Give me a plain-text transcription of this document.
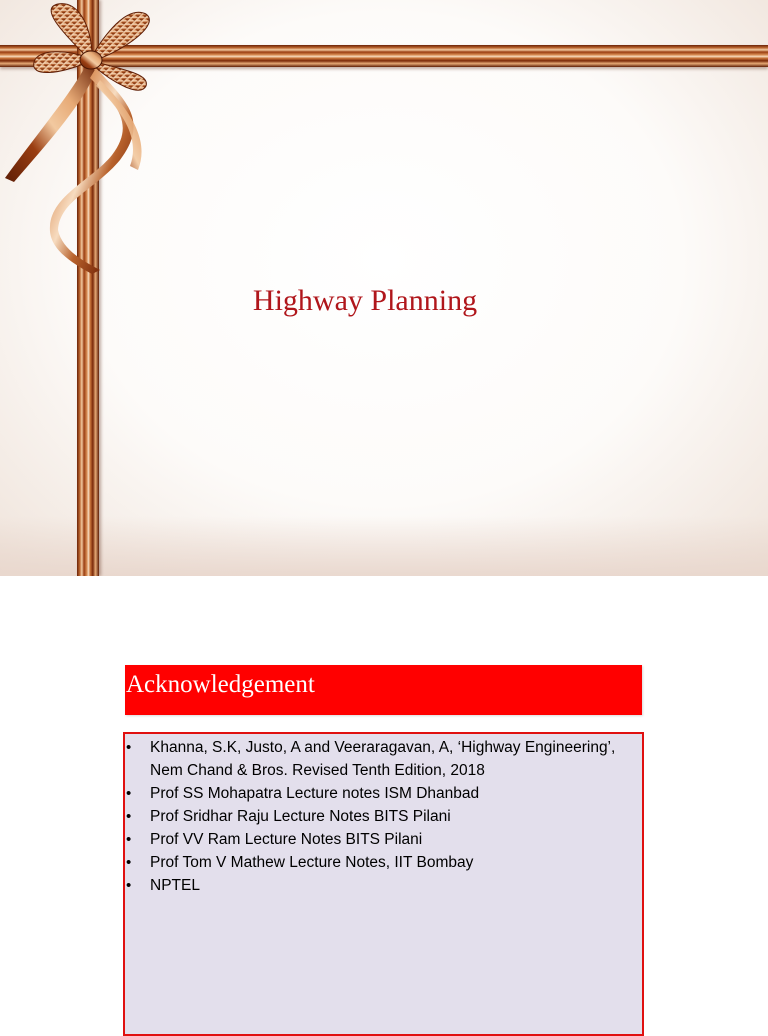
Highway Planning
Acknowledgement
• Khanna, S.K, Justo, A and Veeraragavan, A, ‘Highway Engineering’, Nem Chand & Bros. Revised Tenth Edition, 2018
• Prof SS Mohapatra Lecture notes ISM Dhanbad
• Prof Sridhar Raju Lecture Notes BITS Pilani
• Prof VV Ram Lecture Notes BITS Pilani
• Prof Tom V Mathew Lecture Notes, IIT Bombay
• NPTEL
